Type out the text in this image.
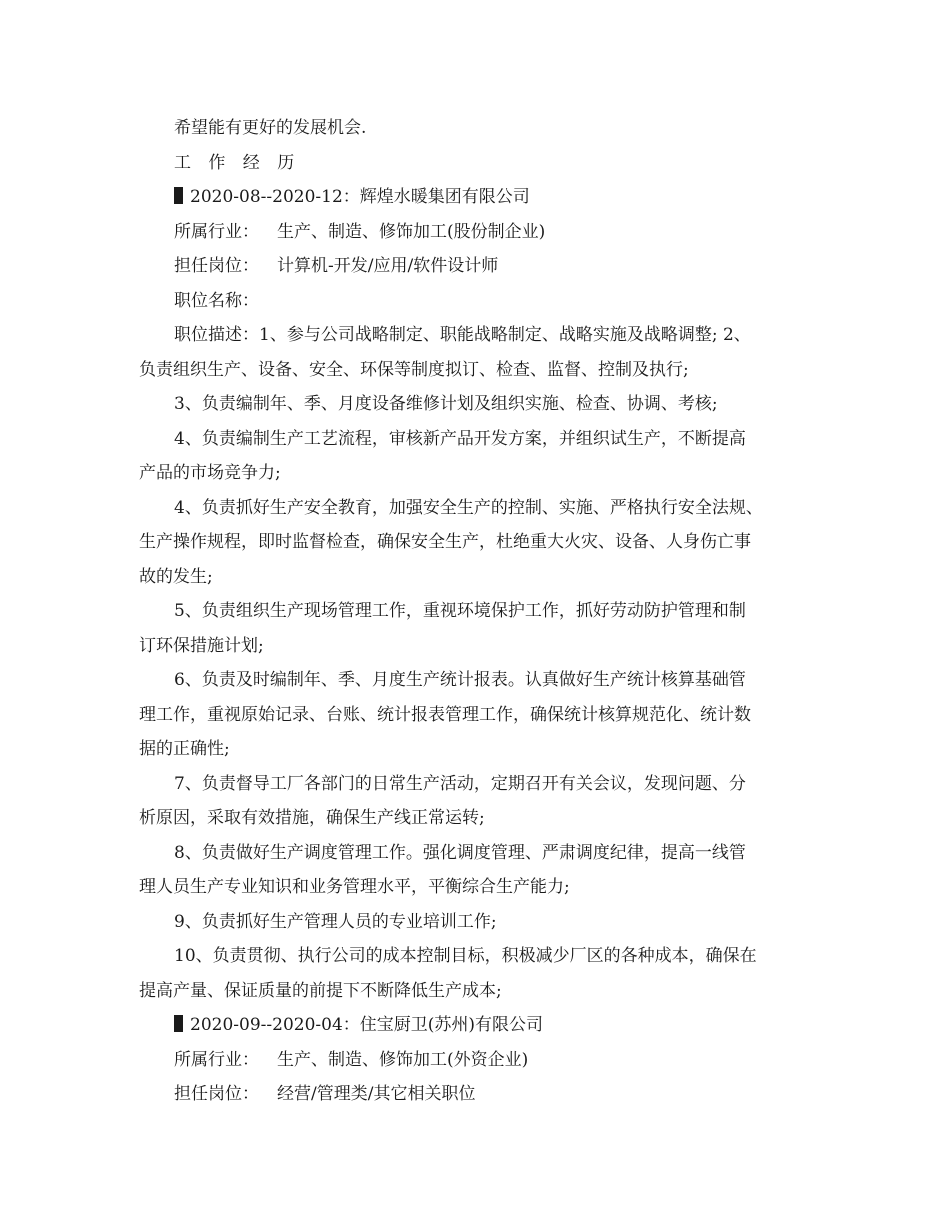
希望能有更好的发展机会.
工 作 经 历
2020-08--2020-12：辉煌水暖集团有限公司
所属行业： 生产、制造、修饰加工(股份制企业)
担任岗位： 计算机-开发/应用/软件设计师
职位名称：
职位描述：1、参与公司战略制定、职能战略制定、战略实施及战略调整; 2、
负责组织生产、设备、安全、环保等制度拟订、检查、监督、控制及执行;
3、负责编制年、季、月度设备维修计划及组织实施、检查、协调、考核;
4、负责编制生产工艺流程，审核新产品开发方案，并组织试生产，不断提高
产品的市场竞争力;
4、负责抓好生产安全教育，加强安全生产的控制、实施、严格执行安全法规、
生产操作规程，即时监督检查，确保安全生产，杜绝重大火灾、设备、人身伤亡事
故的发生;
5、负责组织生产现场管理工作，重视环境保护工作，抓好劳动防护管理和制
订环保措施计划;
6、负责及时编制年、季、月度生产统计报表。认真做好生产统计核算基础管
理工作，重视原始记录、台账、统计报表管理工作，确保统计核算规范化、统计数
据的正确性;
7、负责督导工厂各部门的日常生产活动，定期召开有关会议，发现问题、分
析原因，采取有效措施，确保生产线正常运转;
8、负责做好生产调度管理工作。强化调度管理、严肃调度纪律，提高一线管
理人员生产专业知识和业务管理水平，平衡综合生产能力;
9、负责抓好生产管理人员的专业培训工作;
10、负责贯彻、执行公司的成本控制目标，积极减少厂区的各种成本，确保在
提高产量、保证质量的前提下不断降低生产成本;
2020-09--2020-04：住宝厨卫(苏州)有限公司
所属行业： 生产、制造、修饰加工(外资企业)
担任岗位： 经营/管理类/其它相关职位
